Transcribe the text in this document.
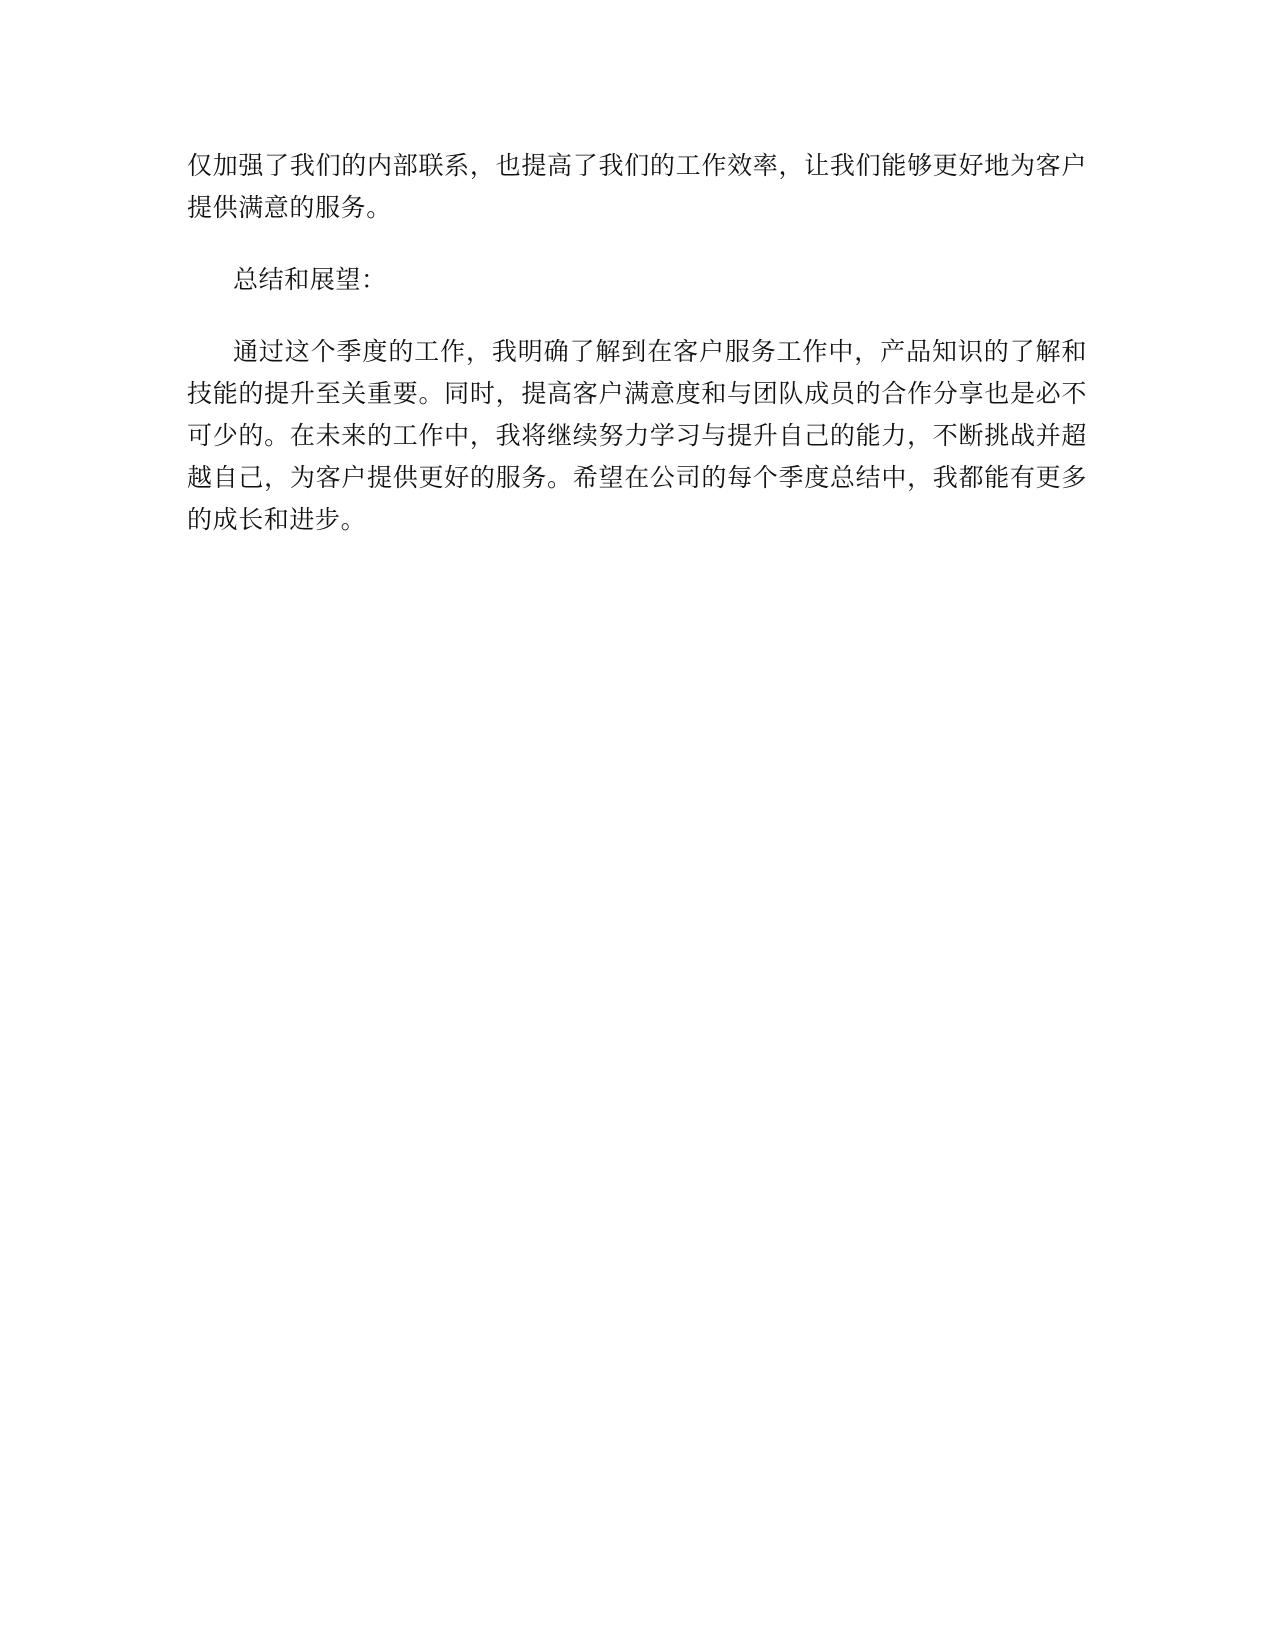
仅加强了我们的内部联系，也提高了我们的工作效率，让我们能够更好地为客户提供满意的服务。

总结和展望：

通过这个季度的工作，我明确了解到在客户服务工作中，产品知识的了解和技能的提升至关重要。同时，提高客户满意度和与团队成员的合作分享也是必不可少的。在未来的工作中，我将继续努力学习与提升自己的能力，不断挑战并超越自己，为客户提供更好的服务。希望在公司的每个季度总结中，我都能有更多的成长和进步。
